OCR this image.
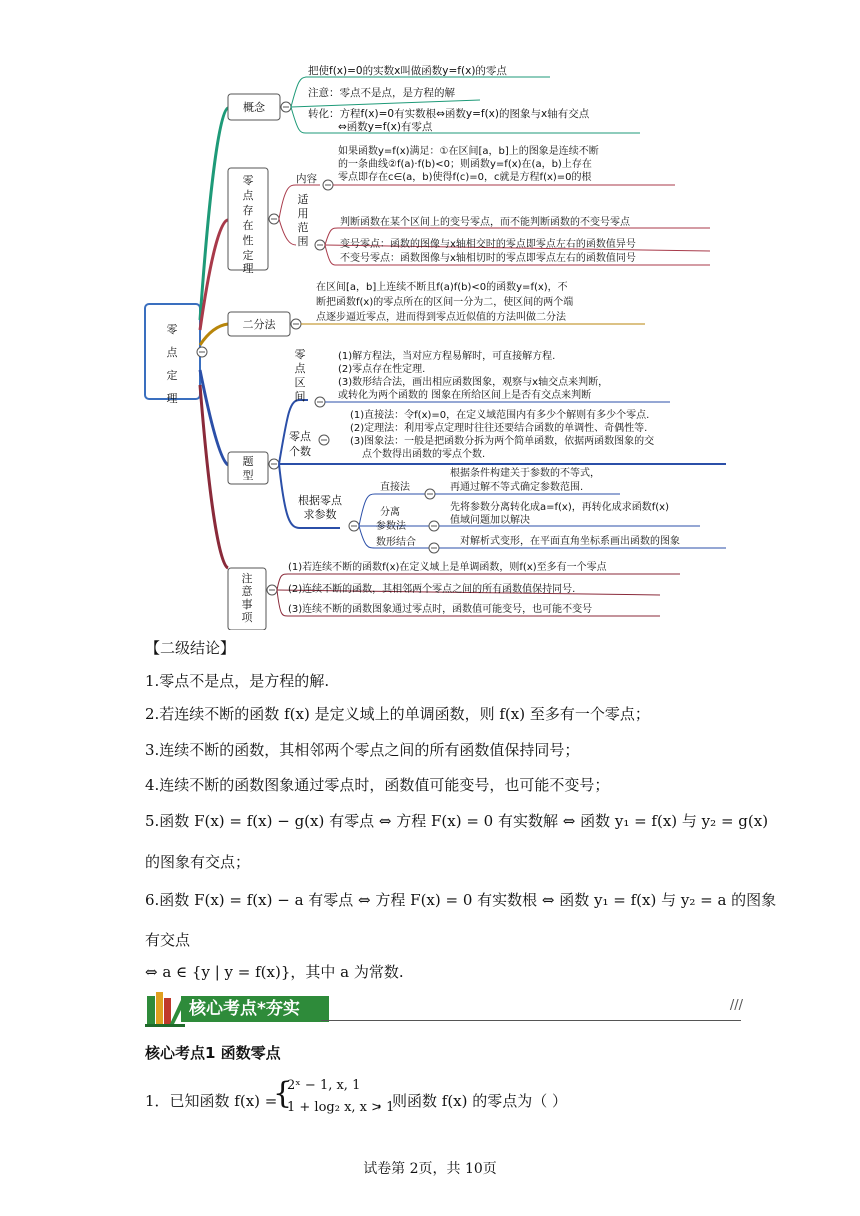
零
点
定
理
概念
把使f(x)=0的实数x叫做函数y=f(x)的零点
注意：零点不是点，是方程的解
转化：方程f(x)=0有实数根⇔函数y=f(x)的图象与x轴有交点
⇔函数y=f(x)有零点
零
点
存
在
性
定
理
内容
如果函数y=f(x)满足：①在区间[a，b]上的图象是连续不断
的一条曲线②f(a)·f(b)<0；则函数y=f(x)在(a，b)上存在
零点即存在c∈(a，b)使得f(c)=0，c就是方程f(x)=0的根
适
用
范
围
判断函数在某个区间上的变号零点，而不能判断函数的不变号零点
变号零点：函数的图像与x轴相交时的零点即零点左右的函数值异号
不变号零点：函数图像与x轴相切时的零点即零点左右的函数值同号
二分法
在区间[a，b]上连续不断且f(a)f(b)<0的函数y=f(x)，不
断把函数f(x)的零点所在的区间一分为二，使区间的两个端
点逐步逼近零点，进而得到零点近似值的方法叫做二分法
题
型
零
点
区
间
(1)解方程法，当对应方程易解时，可直接解方程.
(2)零点存在性定理.
(3)数形结合法，画出相应函数图象，观察与x轴交点来判断，
或转化为两个函数的 图象在所给区间上是否有交点来判断
零点
个数
(1)直接法：令f(x)=0，在定义域范围内有多少个解则有多少个零点.
(2)定理法：利用零点定理时往往还要结合函数的单调性、奇偶性等.
(3)图象法：一般是把函数分拆为两个简单函数，依据两函数图象的交
点个数得出函数的零点个数.
根据零点
求参数
直接法
分离
参数法
数形结合
根据条件构建关于参数的不等式，
再通过解不等式确定参数范围.
先将参数分离转化成a=f(x)，再转化成求函数f(x)
值域问题加以解决
对解析式变形，在平面直角坐标系画出函数的图象
注
意
事
项
(1)若连续不断的函数f(x)在定义域上是单调函数，则f(x)至多有一个零点
(2)连续不断的函数，其相邻两个零点之间的所有函数值保持同号.
(3)连续不断的函数图象通过零点时，函数值可能变号，也可能不变号
【二级结论】
1.零点不是点，是方程的解.
2.若连续不断的函数 f(x) 是定义域上的单调函数，则 f(x) 至多有一个零点；
3.连续不断的函数，其相邻两个零点之间的所有函数值保持同号；
4.连续不断的函数图象通过零点时，函数值可能变号，也可能不变号；
5.函数 F(x) = f(x) − g(x) 有零点 ⇔ 方程 F(x) = 0 有实数解 ⇔ 函数 y₁ = f(x) 与 y₂ = g(x)
的图象有交点；
6.函数 F(x) = f(x) − a 有零点 ⇔ 方程 F(x) = 0 有实数根 ⇔ 函数 y₁ = f(x) 与 y₂ = a 的图象
有交点
⇔ a ∈ {y | y = f(x)}，其中 a 为常数.
核心考点*夯实	///
核心考点1 函数零点
1．已知函数 f(x) =
{
2ˣ − 1, x, 1
1 + log₂ x, x > 1
，则函数 f(x) 的零点为（ ）
试卷第 2页，共 10页
